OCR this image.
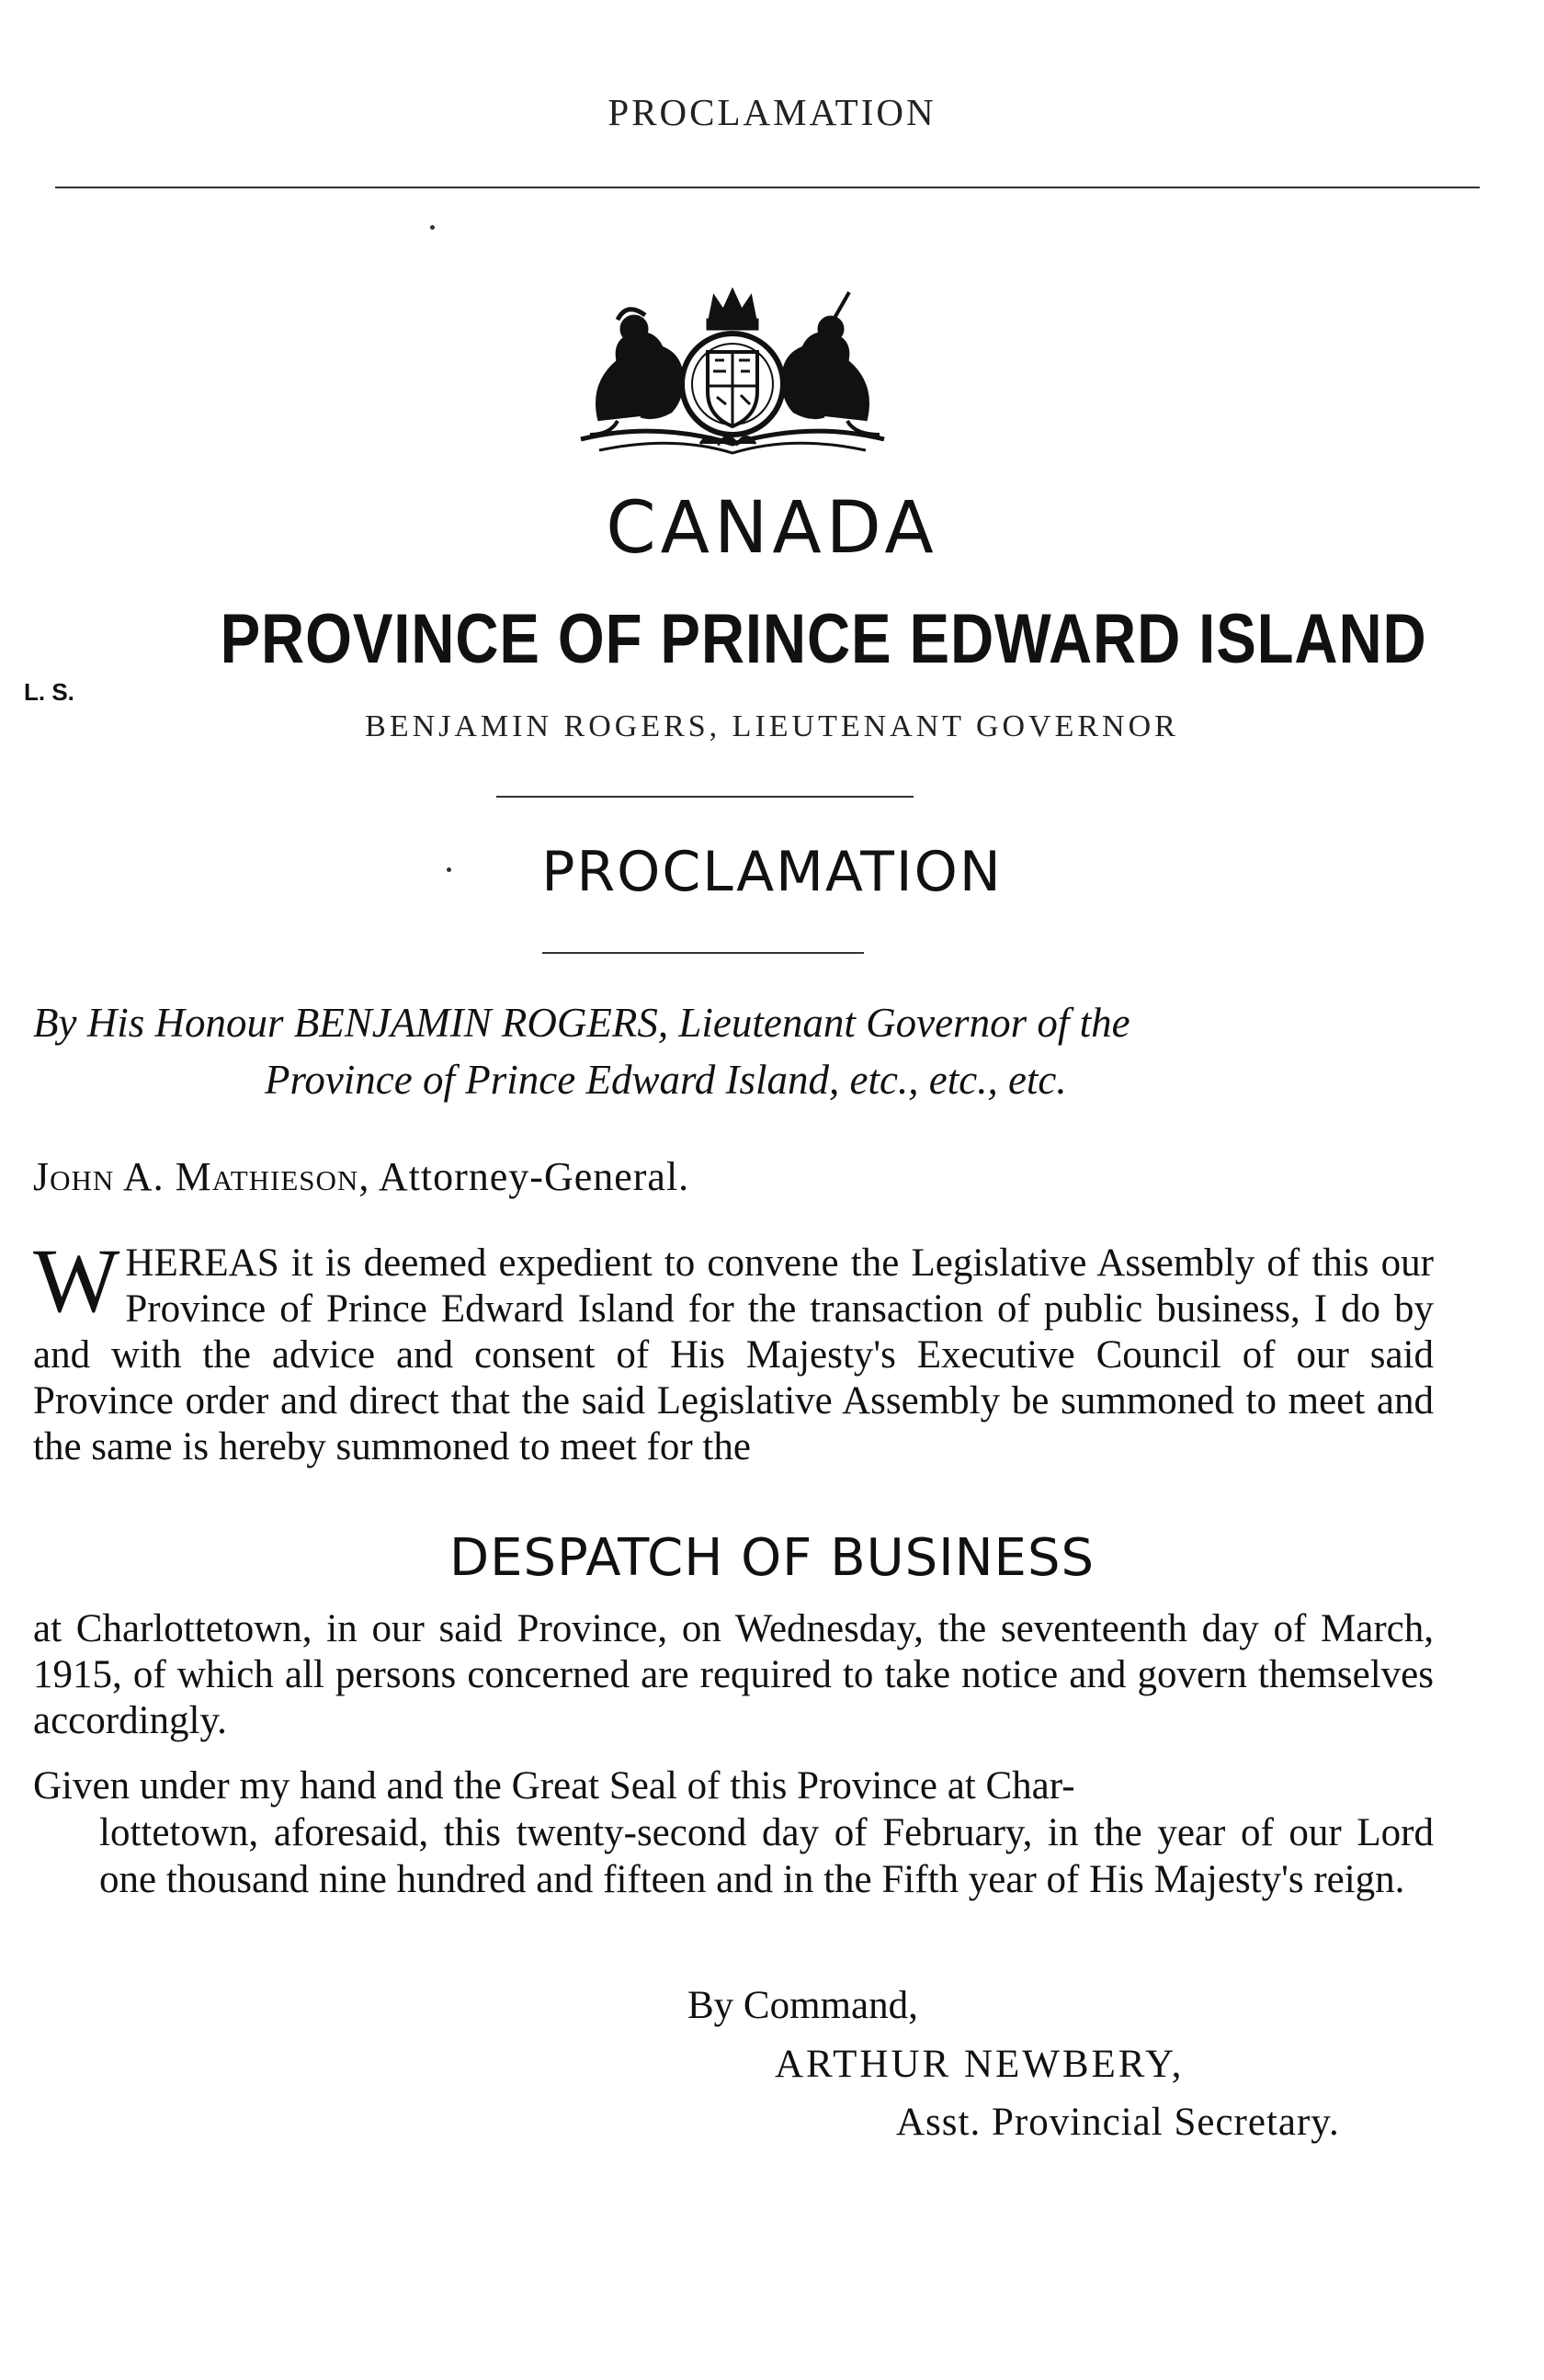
PROCLAMATION
CANADA
PROVINCE OF PRINCE EDWARD ISLAND
L. S.
BENJAMIN ROGERS, LIEUTENANT GOVERNOR
PROCLAMATION
By His Honour BENJAMIN ROGERS, Lieutenant Governor of the
Province of Prince Edward Island, etc., etc., etc.
John A. Mathieson, Attorney-General.
WHEREAS it is deemed expedient to convene the Legislative Assembly of this our Province of Prince Edward Island for the transaction of public business, I do by and with the advice and consent of His Majesty's Executive Council of our said Province order and direct that the said Legislative Assembly be summoned to meet and the same is hereby summoned to meet for the
DESPATCH OF BUSINESS
at Charlottetown, in our said Province, on Wednesday, the seventeenth day of March, 1915, of which all persons concerned are required to take notice and govern themselves accordingly.
Given under my hand and the Great Seal of this Province at Char-
lottetown, aforesaid, this twenty-second day of February, in the year of our Lord one thousand nine hundred and fifteen and in the Fifth year of His Majesty's reign.
By Command,
ARTHUR NEWBERY,
Asst. Provincial Secretary.
